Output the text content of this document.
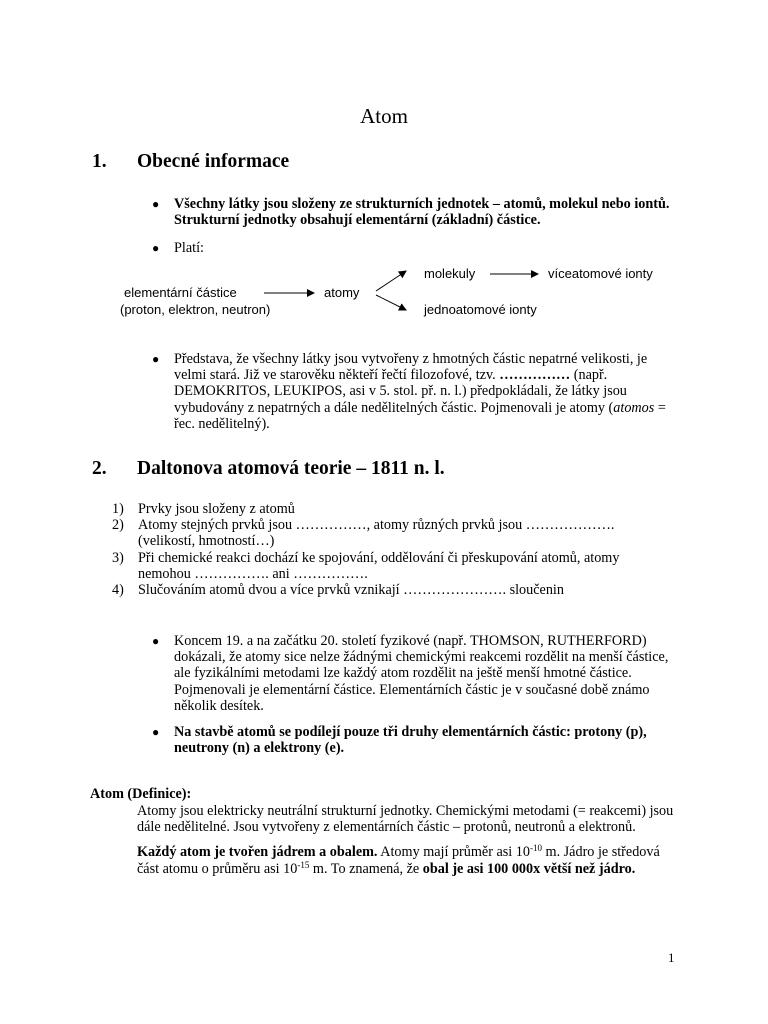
Atom
1. Obecné informace
● Všechny látky jsou složeny ze strukturních jednotek – atomů, molekul nebo iontů. Strukturní jednotky obsahují elementární (základní) částice.
● Platí:
elementární částice
(proton, elektron, neutron)
atomy
molekuly	víceatomové ionty
jednoatomové ionty
● Představa, že všechny látky jsou vytvořeny z hmotných částic nepatrné velikosti, je velmi stará. Již ve starověku někteří řečtí filozofové, tzv. …………… (např. DEMOKRITOS, LEUKIPOS, asi v 5. stol. př. n. l.) předpokládali, že látky jsou vybudovány z nepatrných a dále nedělitelných částic. Pojmenovali je atomy (atomos = řec. nedělitelný).
2. Daltonova atomová teorie – 1811 n. l.
1) Prvky jsou složeny z atomů
2) Atomy stejných prvků jsou ……………, atomy různých prvků jsou ………………. (velikostí, hmotností…)
3) Při chemické reakci dochází ke spojování, oddělování či přeskupování atomů, atomy nemohou ……………. ani …………….
4) Slučováním atomů dvou a více prvků vznikají …………………. sloučenin
● Koncem 19. a na začátku 20. století fyzikové (např. THOMSON, RUTHERFORD) dokázali, že atomy sice nelze žádnými chemickými reakcemi rozdělit na menší částice, ale fyzikálními metodami lze každý atom rozdělit na ještě menší hmotné částice. Pojmenovali je elementární částice. Elementárních částic je v současné době známo několik desítek.
● Na stavbě atomů se podílejí pouze tři druhy elementárních částic: protony (p), neutrony (n) a elektrony (e).
Atom (Definice):
Atomy jsou elektricky neutrální strukturní jednotky. Chemickými metodami (= reakcemi) jsou dále nedělitelné. Jsou vytvořeny z elementárních částic – protonů, neutronů a elektronů.
Každý atom je tvořen jádrem a obalem. Atomy mají průměr asi $10^{-10}$ m. Jádro je středová část atomu o průměru asi $10^{-15}$ m. To znamená, že obal je asi 100 000x větší než jádro.
1
